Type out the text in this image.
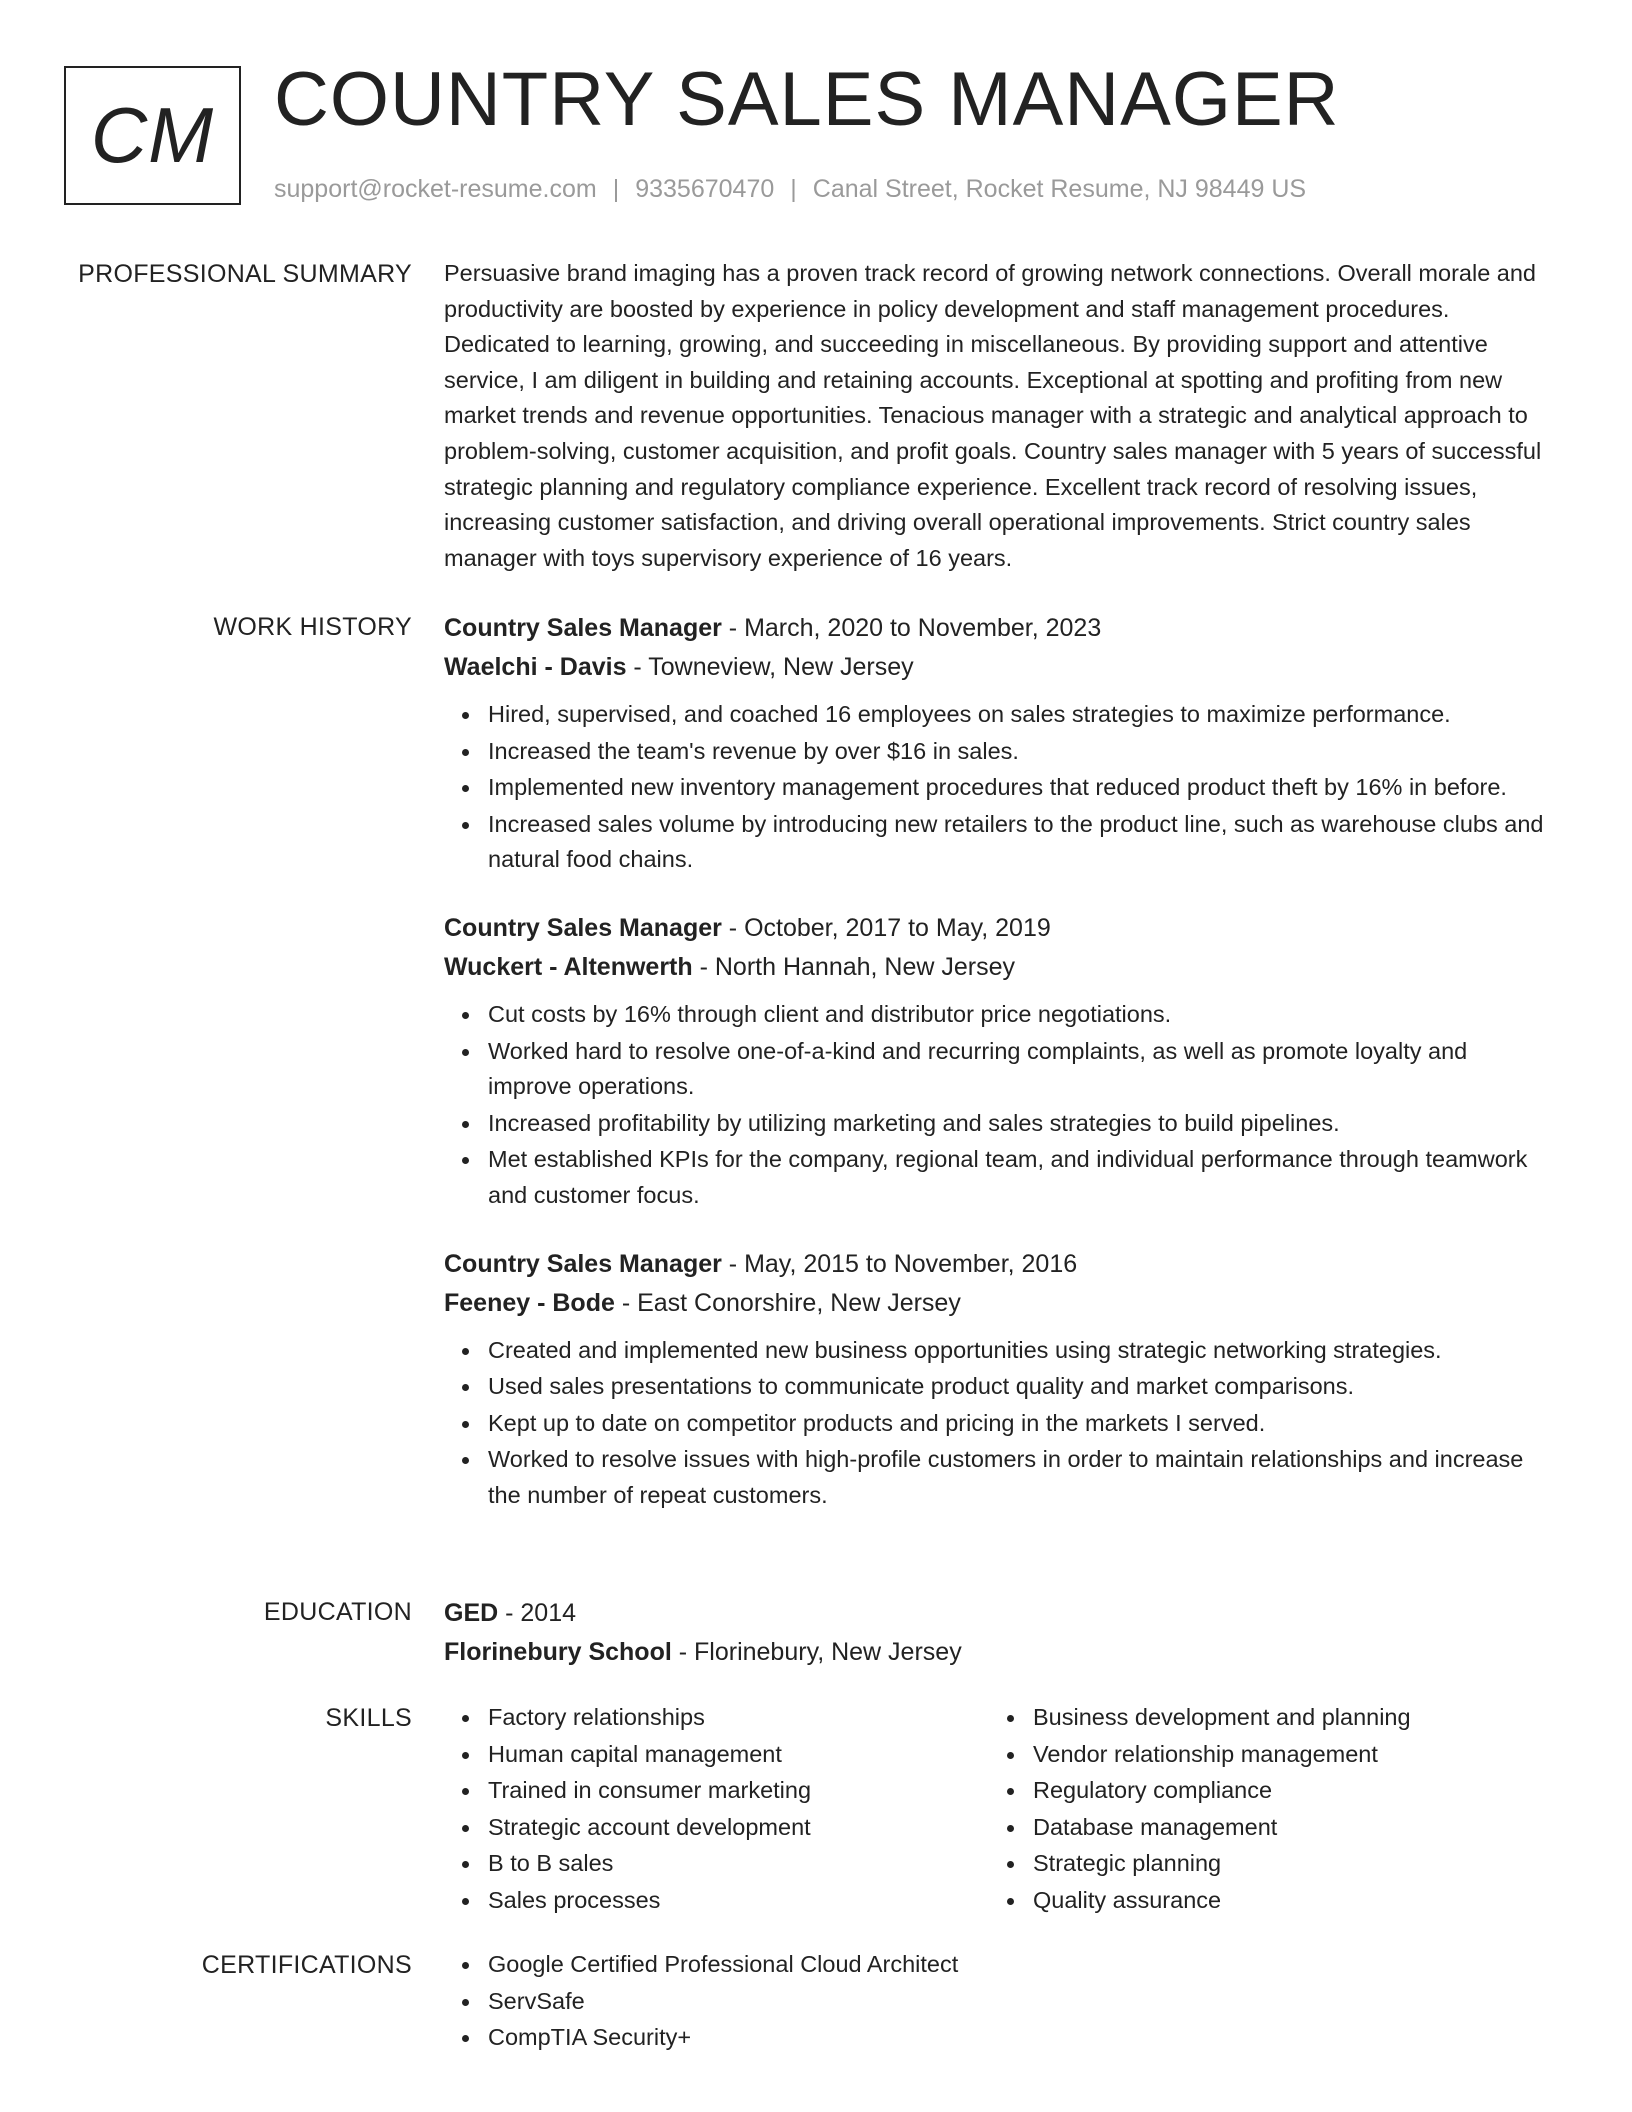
CM COUNTRY SALES MANAGER
support@rocket-resume.com | 9335670470 | Canal Street, Rocket Resume, NJ 98449 US
PROFESSIONAL SUMMARY Persuasive brand imaging has a proven track record of growing network connections. Overall morale and productivity are boosted by experience in policy development and staff management procedures. Dedicated to learning, growing, and succeeding in miscellaneous. By providing support and attentive service, I am diligent in building and retaining accounts. Exceptional at spotting and profiting from new market trends and revenue opportunities. Tenacious manager with a strategic and analytical approach to problem-solving, customer acquisition, and profit goals. Country sales manager with 5 years of successful strategic planning and regulatory compliance experience. Excellent track record of resolving issues, increasing customer satisfaction, and driving overall operational improvements. Strict country sales manager with toys supervisory experience of 16 years.

WORK HISTORY Country Sales Manager - March, 2020 to November, 2023
Waelchi - Davis - Towneview, New Jersey
Hired, supervised, and coached 16 employees on sales strategies to maximize performance.
Increased the team's revenue by over $16 in sales.
Implemented new inventory management procedures that reduced product theft by 16% in before.
Increased sales volume by introducing new retailers to the product line, such as warehouse clubs and natural food chains.
Country Sales Manager - October, 2017 to May, 2019
Wuckert - Altenwerth - North Hannah, New Jersey
Cut costs by 16% through client and distributor price negotiations.
Worked hard to resolve one-of-a-kind and recurring complaints, as well as promote loyalty and improve operations.
Increased profitability by utilizing marketing and sales strategies to build pipelines.
Met established KPIs for the company, regional team, and individual performance through teamwork and customer focus.
Country Sales Manager - May, 2015 to November, 2016
Feeney - Bode - East Conorshire, New Jersey
Created and implemented new business opportunities using strategic networking strategies.
Used sales presentations to communicate product quality and market comparisons.
Kept up to date on competitor products and pricing in the markets I served.
Worked to resolve issues with high-profile customers in order to maintain relationships and increase the number of repeat customers.
EDUCATION GED - 2014
Florinebury School - Florinebury, New Jersey
SKILLS	Factory relationships
Human capital management
Trained in consumer marketing
Strategic account development
B to B sales
Sales processes
Business development and planning
Vendor relationship management
Regulatory compliance
Database management
Strategic planning
Quality assurance
CERTIFICATIONS	Google Certified Professional Cloud Architect
ServSafe
CompTIA Security+
